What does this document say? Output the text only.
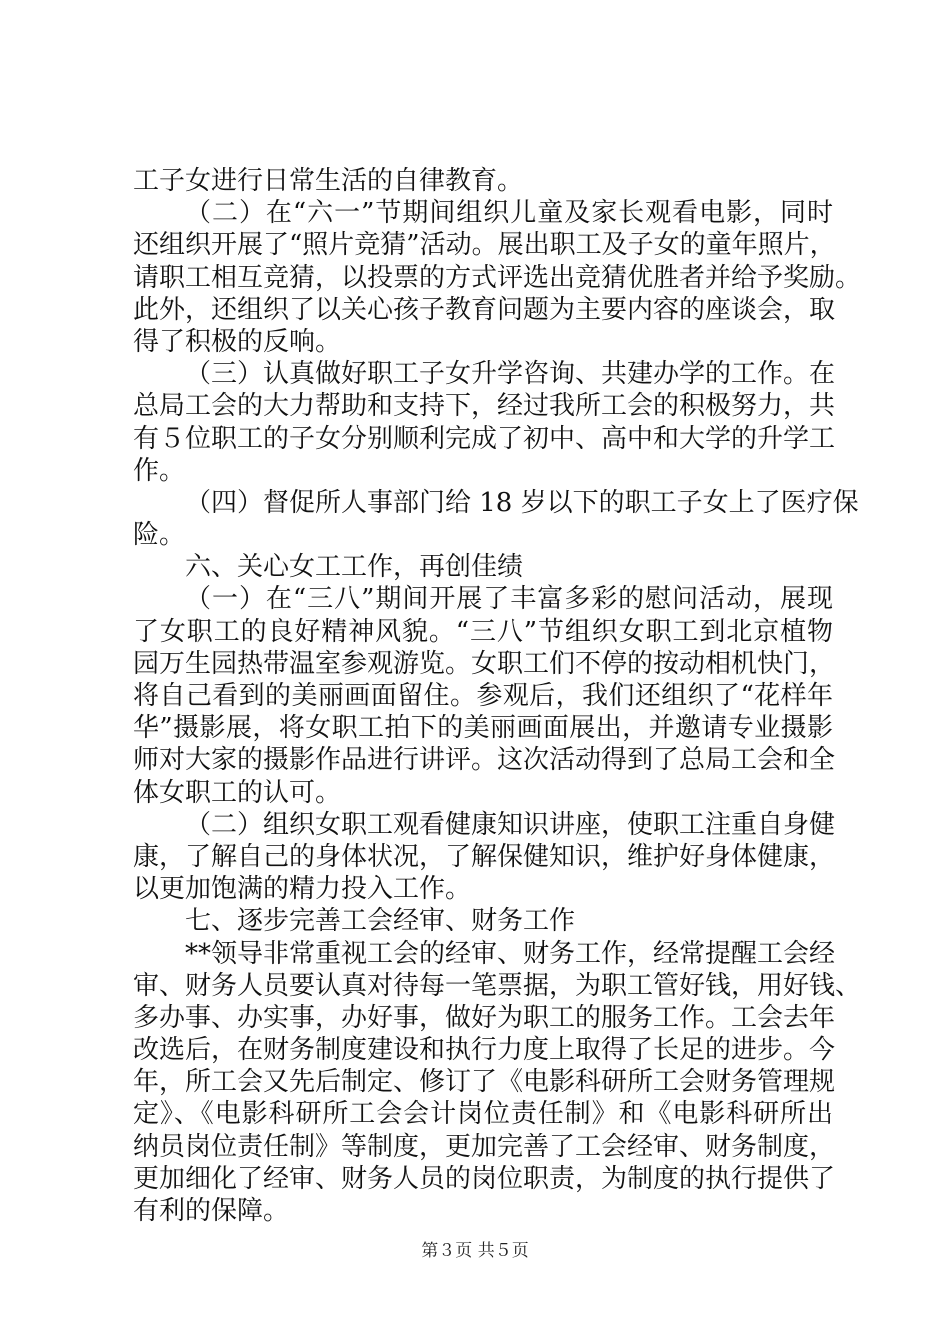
工子女进行日常生活的自律教育。
（二）在“六一”节期间组织儿童及家长观看电影，同时
还组织开展了“照片竞猜”活动。展出职工及子女的童年照片，
请职工相互竞猜，以投票的方式评选出竞猜优胜者并给予奖励。
此外，还组织了以关心孩子教育问题为主要内容的座谈会，取
得了积极的反响。
（三）认真做好职工子女升学咨询、共建办学的工作。在
总局工会的大力帮助和支持下，经过我所工会的积极努力，共
有５位职工的子女分别顺利完成了初中、高中和大学的升学工
作。
（四）督促所人事部门给 18 岁以下的职工子女上了医疗保
险。
六、关心女工工作，再创佳绩
（一）在“三八”期间开展了丰富多彩的慰问活动，展现
了女职工的良好精神风貌。“三八”节组织女职工到北京植物
园万生园热带温室参观游览。女职工们不停的按动相机快门，
将自己看到的美丽画面留住。参观后，我们还组织了“花样年
华”摄影展，将女职工拍下的美丽画面展出，并邀请专业摄影
师对大家的摄影作品进行讲评。这次活动得到了总局工会和全
体女职工的认可。
（二）组织女职工观看健康知识讲座，使职工注重自身健
康，了解自己的身体状况，了解保健知识，维护好身体健康，
以更加饱满的精力投入工作。
七、逐步完善工会经审、财务工作
**领导非常重视工会的经审、财务工作，经常提醒工会经
审、财务人员要认真对待每一笔票据，为职工管好钱，用好钱、
多办事、办实事，办好事，做好为职工的服务工作。工会去年
改选后，在财务制度建设和执行力度上取得了长足的进步。今
年，所工会又先后制定、修订了《电影科研所工会财务管理规
定》、《电影科研所工会会计岗位责任制》和《电影科研所出
纳员岗位责任制》等制度，更加完善了工会经审、财务制度，
更加细化了经审、财务人员的岗位职责，为制度的执行提供了
有利的保障。
第３页 共５页
